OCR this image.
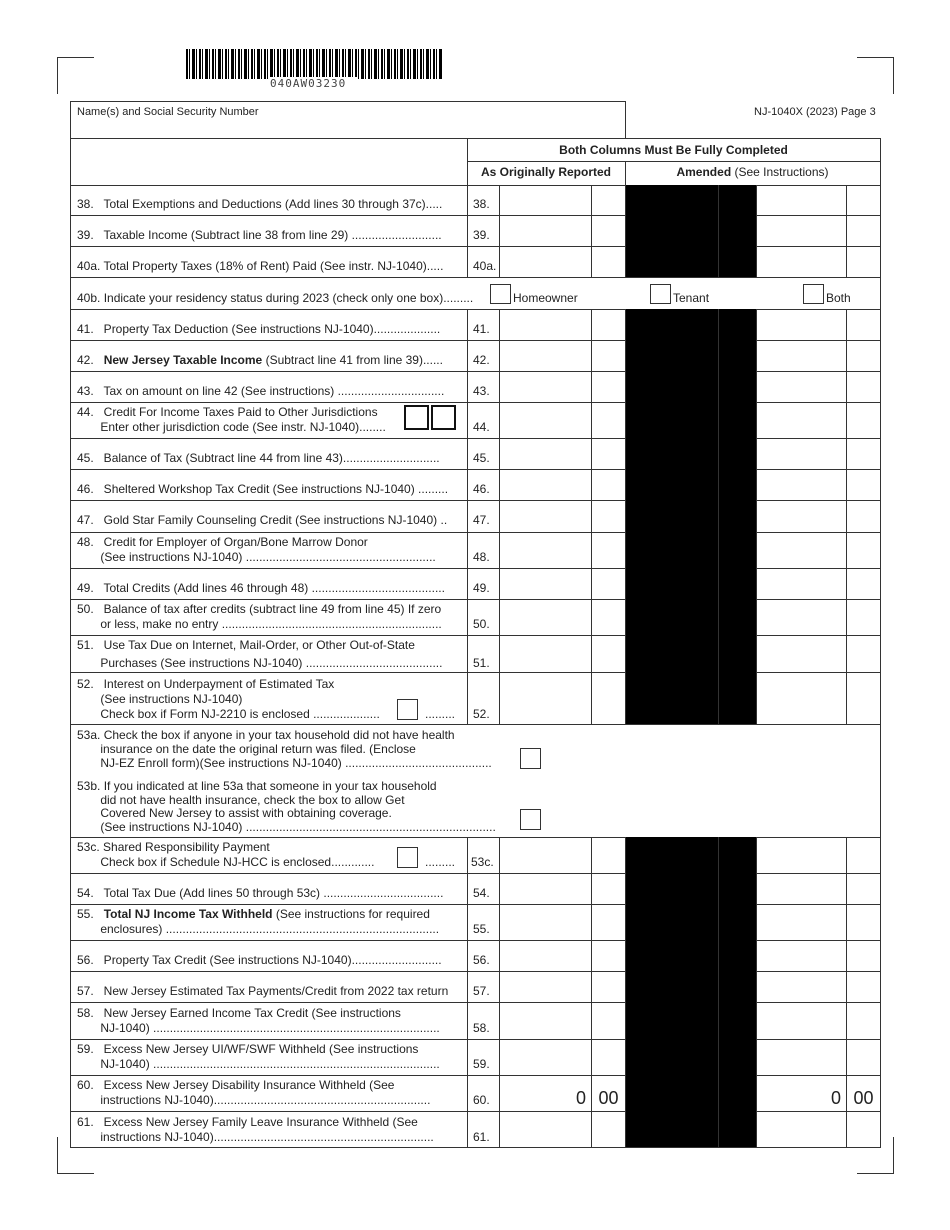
040AW03230
Name(s) and Social Security Number	NJ-1040X (2023) Page 3
Both Columns Must Be Fully Completed
As Originally Reported	Amended (See Instructions)
38.   Total Exemptions and Deductions (Add lines 30 through 37c).....	38.
39.   Taxable Income (Subtract line 38 from line 29) ...........................	39.
40a. Total Property Taxes (18% of Rent) Paid (See instr. NJ-1040)..... 40a.
40b. Indicate your residency status during 2023 (check only one box).........	Homeowner	Tenant	Both
41.   Property Tax Deduction (See instructions NJ-1040)....................	41.
42. New Jersey Taxable Income (Subtract line 41 from line 39)......	42.
43.   Tax on amount on line 42 (See instructions) ................................ 43.
44.   Credit For Income Taxes Paid to Other Jurisdictions
Enter other jurisdiction code (See instr. NJ-1040)........	44.
45.   Balance of Tax (Subtract line 44 from line 43).............................	45.
46.   Sheltered Workshop Tax Credit (See instructions NJ-1040) ......... 46.
47.   Gold Star Family Counseling Credit (See instructions NJ-1040) .. 47.
48.   Credit for Employer of Organ/Bone Marrow Donor
(See instructions NJ-1040) .........................................................	48.
49.   Total Credits (Add lines 46 through 48) ........................................ 49.
50.   Balance of tax after credits (subtract line 49 from line 45) If zero
or less, make no entry ..................................................................	50.
51.   Use Tax Due on Internet, Mail-Order, or Other Out-of-State
Purchases (See instructions NJ-1040) .........................................	51.
52.   Interest on Underpayment of Estimated Tax
(See instructions NJ-1040)
Check box if Form NJ-2210 is enclosed ....................	......... 52.
53a. Check the box if anyone in your tax household did not have health
insurance on the date the original return was filed. (Enclose
NJ-EZ Enroll form)(See instructions NJ-1040) ............................................
53b. If you indicated at line 53a that someone in your tax household
did not have health insurance, check the box to allow Get
Covered New Jersey to assist with obtaining coverage.
(See instructions NJ-1040) ...........................................................................
53c. Shared Responsibility Payment
Check box if Schedule NJ-HCC is enclosed.............	......... 53c.
54.   Total Tax Due (Add lines 50 through 53c) .................................... 54.
55. Total NJ Income Tax Withheld (See instructions for required
enclosures) ..................................................................................	55.
56.   Property Tax Credit (See instructions NJ-1040)...........................	56.
57.   New Jersey Estimated Tax Payments/Credit from 2022 tax return 57.
58.   New Jersey Earned Income Tax Credit (See instructions
NJ-1040) ......................................................................................	58.
59.   Excess New Jersey UI/WF/SWF Withheld (See instructions
NJ-1040) ......................................................................................	59.
60.   Excess New Jersey Disability Insurance Withheld (See
instructions NJ-1040).................................................................	60.	0 00	0 00
61.   Excess New Jersey Family Leave Insurance Withheld (See
instructions NJ-1040)..................................................................	61.
